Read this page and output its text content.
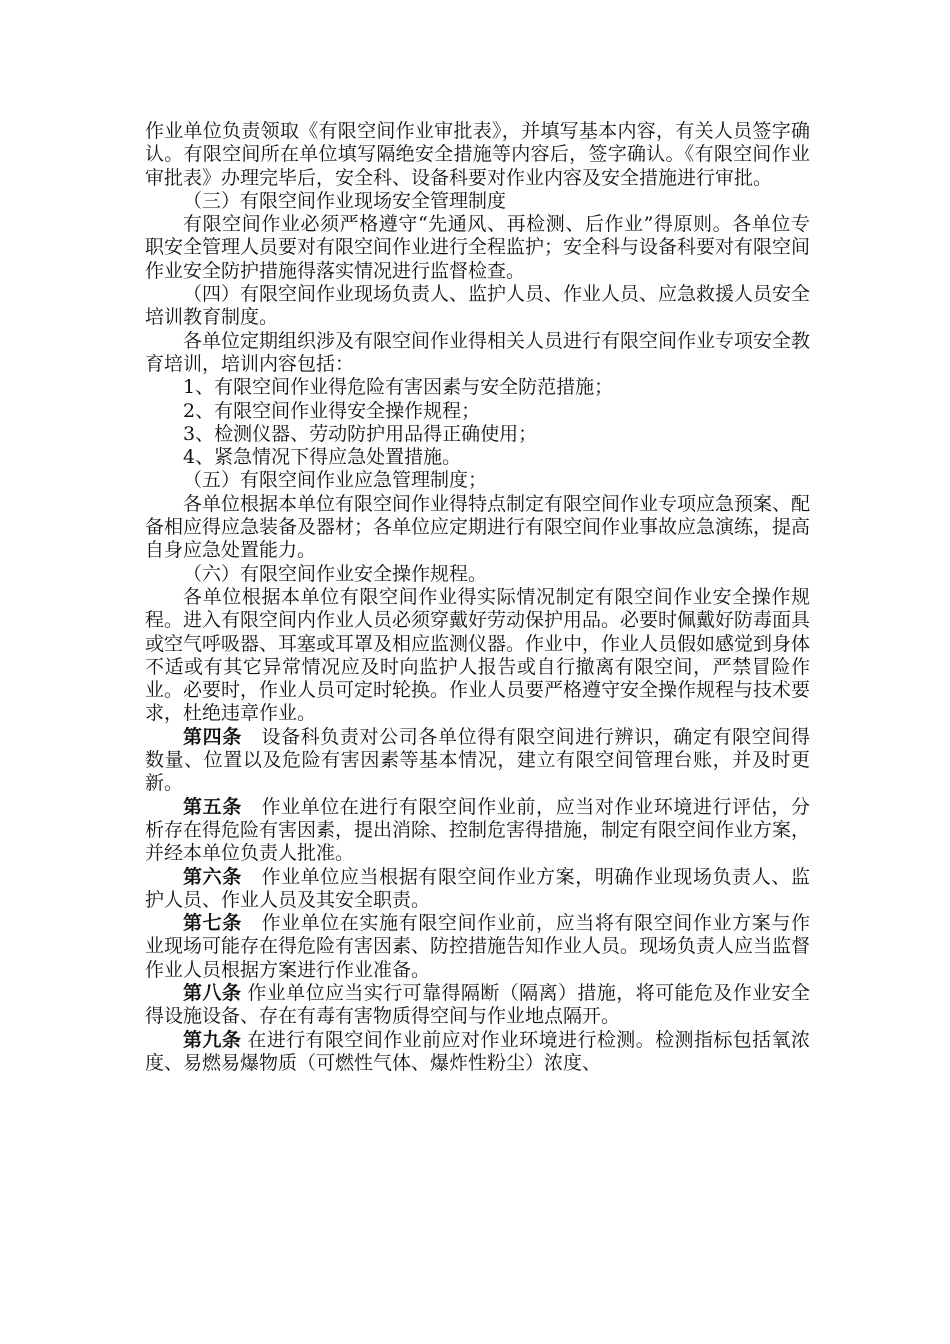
作业单位负责领取《有限空间作业审批表》，并填写基本内容，有关人员签字确认。有限空间所在单位填写隔绝安全措施等内容后，签字确认。《有限空间作业审批表》办理完毕后，安全科、设备科要对作业内容及安全措施进行审批。

（三）有限空间作业现场安全管理制度

有限空间作业必须严格遵守“先通风、再检测、后作业”得原则。各单位专职安全管理人员要对有限空间作业进行全程监护；安全科与设备科要对有限空间作业安全防护措施得落实情况进行监督检查。

（四）有限空间作业现场负责人、监护人员、作业人员、应急救援人员安全培训教育制度。

各单位定期组织涉及有限空间作业得相关人员进行有限空间作业专项安全教育培训，培训内容包括：

1、有限空间作业得危险有害因素与安全防范措施；

2、有限空间作业得安全操作规程；

3、检测仪器、劳动防护用品得正确使用；

4、紧急情况下得应急处置措施。

（五）有限空间作业应急管理制度；

各单位根据本单位有限空间作业得特点制定有限空间作业专项应急预案、配备相应得应急装备及器材；各单位应定期进行有限空间作业事故应急演练，提高自身应急处置能力。

（六）有限空间作业安全操作规程。

各单位根据本单位有限空间作业得实际情况制定有限空间作业安全操作规程。进入有限空间内作业人员必须穿戴好劳动保护用品。必要时佩戴好防毒面具或空气呼吸器、耳塞或耳罩及相应监测仪器。作业中，作业人员假如感觉到身体不适或有其它异常情况应及时向监护人报告或自行撤离有限空间，严禁冒险作业。必要时，作业人员可定时轮换。作业人员要严格遵守安全操作规程与技术要求，杜绝违章作业。

第四条 设备科负责对公司各单位得有限空间进行辨识，确定有限空间得数量、位置以及危险有害因素等基本情况，建立有限空间管理台账，并及时更新。

第五条 作业单位在进行有限空间作业前，应当对作业环境进行评估，分析存在得危险有害因素，提出消除、控制危害得措施，制定有限空间作业方案，并经本单位负责人批准。

第六条 作业单位应当根据有限空间作业方案，明确作业现场负责人、监护人员、作业人员及其安全职责。

第七条 作业单位在实施有限空间作业前，应当将有限空间作业方案与作业现场可能存在得危险有害因素、防控措施告知作业人员。现场负责人应当监督作业人员根据方案进行作业准备。

第八条 作业单位应当实行可靠得隔断（隔离）措施，将可能危及作业安全得设施设备、存在有毒有害物质得空间与作业地点隔开。

第九条 在进行有限空间作业前应对作业环境进行检测。检测指标包括氧浓度、易燃易爆物质（可燃性气体、爆炸性粉尘）浓度、
